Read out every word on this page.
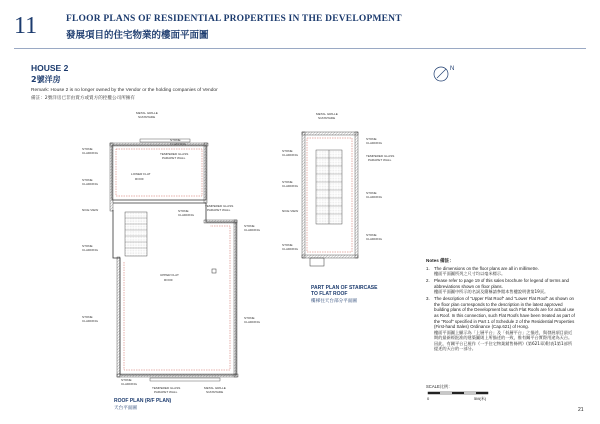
11	FLOOR PLANS OF RESIDENTIAL PROPERTIES IN THE DEVELOPMENT
發展項目的住宅物業的樓面平面圖
HOUSE 2
2號洋房
Remark: House 2 is no longer owned by the Vendor or the holding companies of Vendor
備註：2號洋房已非由賣方或賣方的控權公司所擁有
N
METAL GRILLE
SUNSHADE
STONE
CLADDING
TEMPERED GLASS
PARAPET WALL
STONE
CLADDING
STONE
CLADDING
LOWER FLAT
ROOF
NICE VIEW
TEMPERED GLASS
PARAPET WALL
STONE
CLADDING
STONE
CLADDING
STONE
CLADDING
UPPER FLAT
ROOF
STONE
CLADDING
STONE
CLADDING
TEMPERED GLASS
PARAPET WALL
METAL GRILLE
SUNSHADE
STONE
CLADDING
ROOF PLAN (R/F PLAN)
天台平面圖
METAL GRILLE
SUNSHADE
STONE
CLADDING
STONE
CLADDING	TEMPERED GLASS
PARAPET WALL
STONE
CLADDING
STONE
CLADDING
NICE VIEW
STONE
CLADDING
STONE
CLADDING
PART PLAN OF STAIRCASE
TO FLAT ROOF
樓梯往天台部分平面圖
Notes 備註：
1. The dimensions on the floor plans are all in millimetre.
樓面平面圖所列之尺寸均以毫米標示。
2. Please refer to page 19 of this sales brochure for legend of terms and abbreviations shown on floor plans.
樓面平面圖中所示的名詞及簡稱請參閱本售樓說明書第19頁。
3. The description of "Upper Flat Roof" and "Lower Flat Roof" as shown on the floor plan corresponds to the description in the latest approved building plans of the Development but such Flat Roofs are for actual use as Roof. In this connection, such Flat Roofs have been treated as part of the "Roof" specified in Part 1 of Schedule 2 of the Residential Properties (First-hand Sales) Ordinance (Cap.621) of Hong.
樓面平面圖上顯示為「上層平台」及「低層平台」之描述，與發展項目最近期的最新經批准的建築圖則上所描述的一致，惟有關平台實際用途為天台。因此，有關平台已視作《一手住宅物業銷售條例》(第621章)附表1第1部所提述的天台的一部分。
SCALE比例：
0	5M(米)
21
